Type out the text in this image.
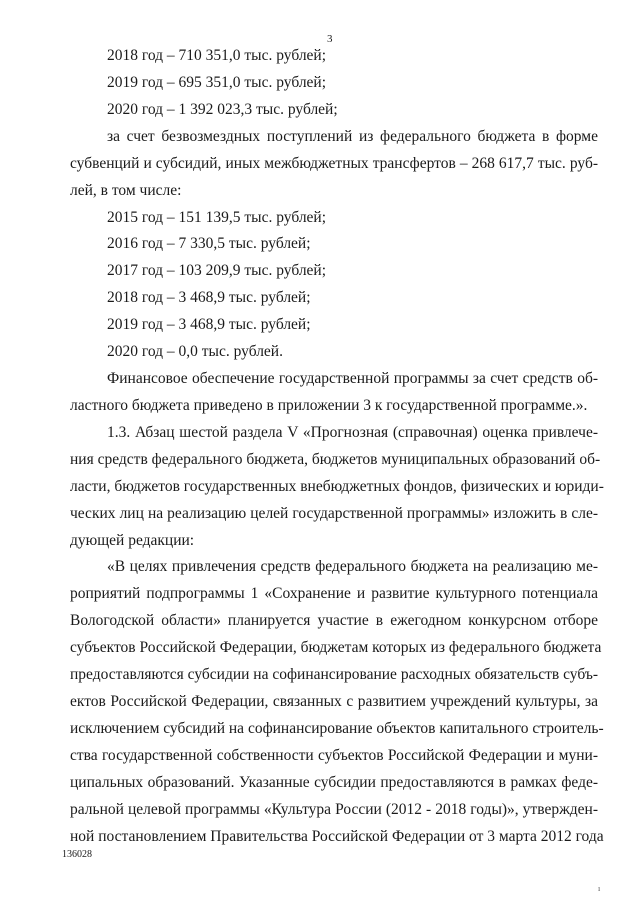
3
2018 год – 710 351,0 тыс. рублей;
2019 год – 695 351,0 тыс. рублей;
2020 год – 1 392 023,3 тыс. рублей;
за счет безвозмездных поступлений из федерального бюджета в форме
субвенций и субсидий, иных межбюджетных трансфертов – 268 617,7 тыс. руб-
лей, в том числе:
2015 год – 151 139,5 тыс. рублей;
2016 год – 7 330,5 тыс. рублей;
2017 год – 103 209,9 тыс. рублей;
2018 год – 3 468,9 тыс. рублей;
2019 год – 3 468,9 тыс. рублей;
2020 год – 0,0 тыс. рублей.
Финансовое обеспечение государственной программы за счет средств об-
ластного бюджета приведено в приложении 3 к государственной программе.».
1.3. Абзац шестой раздела V «Прогнозная (справочная) оценка привлече-
ния средств федерального бюджета, бюджетов муниципальных образований об-
ласти, бюджетов государственных внебюджетных фондов, физических и юриди-
ческих лиц на реализацию целей государственной программы» изложить в сле-
дующей редакции:
«В целях привлечения средств федерального бюджета на реализацию ме-
роприятий подпрограммы 1 «Сохранение и развитие культурного потенциала
Вологодской области» планируется участие в ежегодном конкурсном отборе
субъектов Российской Федерации, бюджетам которых из федерального бюджета
предоставляются субсидии на софинансирование расходных обязательств субъ-
ектов Российской Федерации, связанных с развитием учреждений культуры, за
исключением субсидий на софинансирование объектов капитального строитель-
ства государственной собственности субъектов Российской Федерации и муни-
ципальных образований. Указанные субсидии предоставляются в рамках феде-
ральной целевой программы «Культура России (2012 - 2018 годы)», утвержден-
ной постановлением Правительства Российской Федерации от 3 марта 2012 года
136028
ı
